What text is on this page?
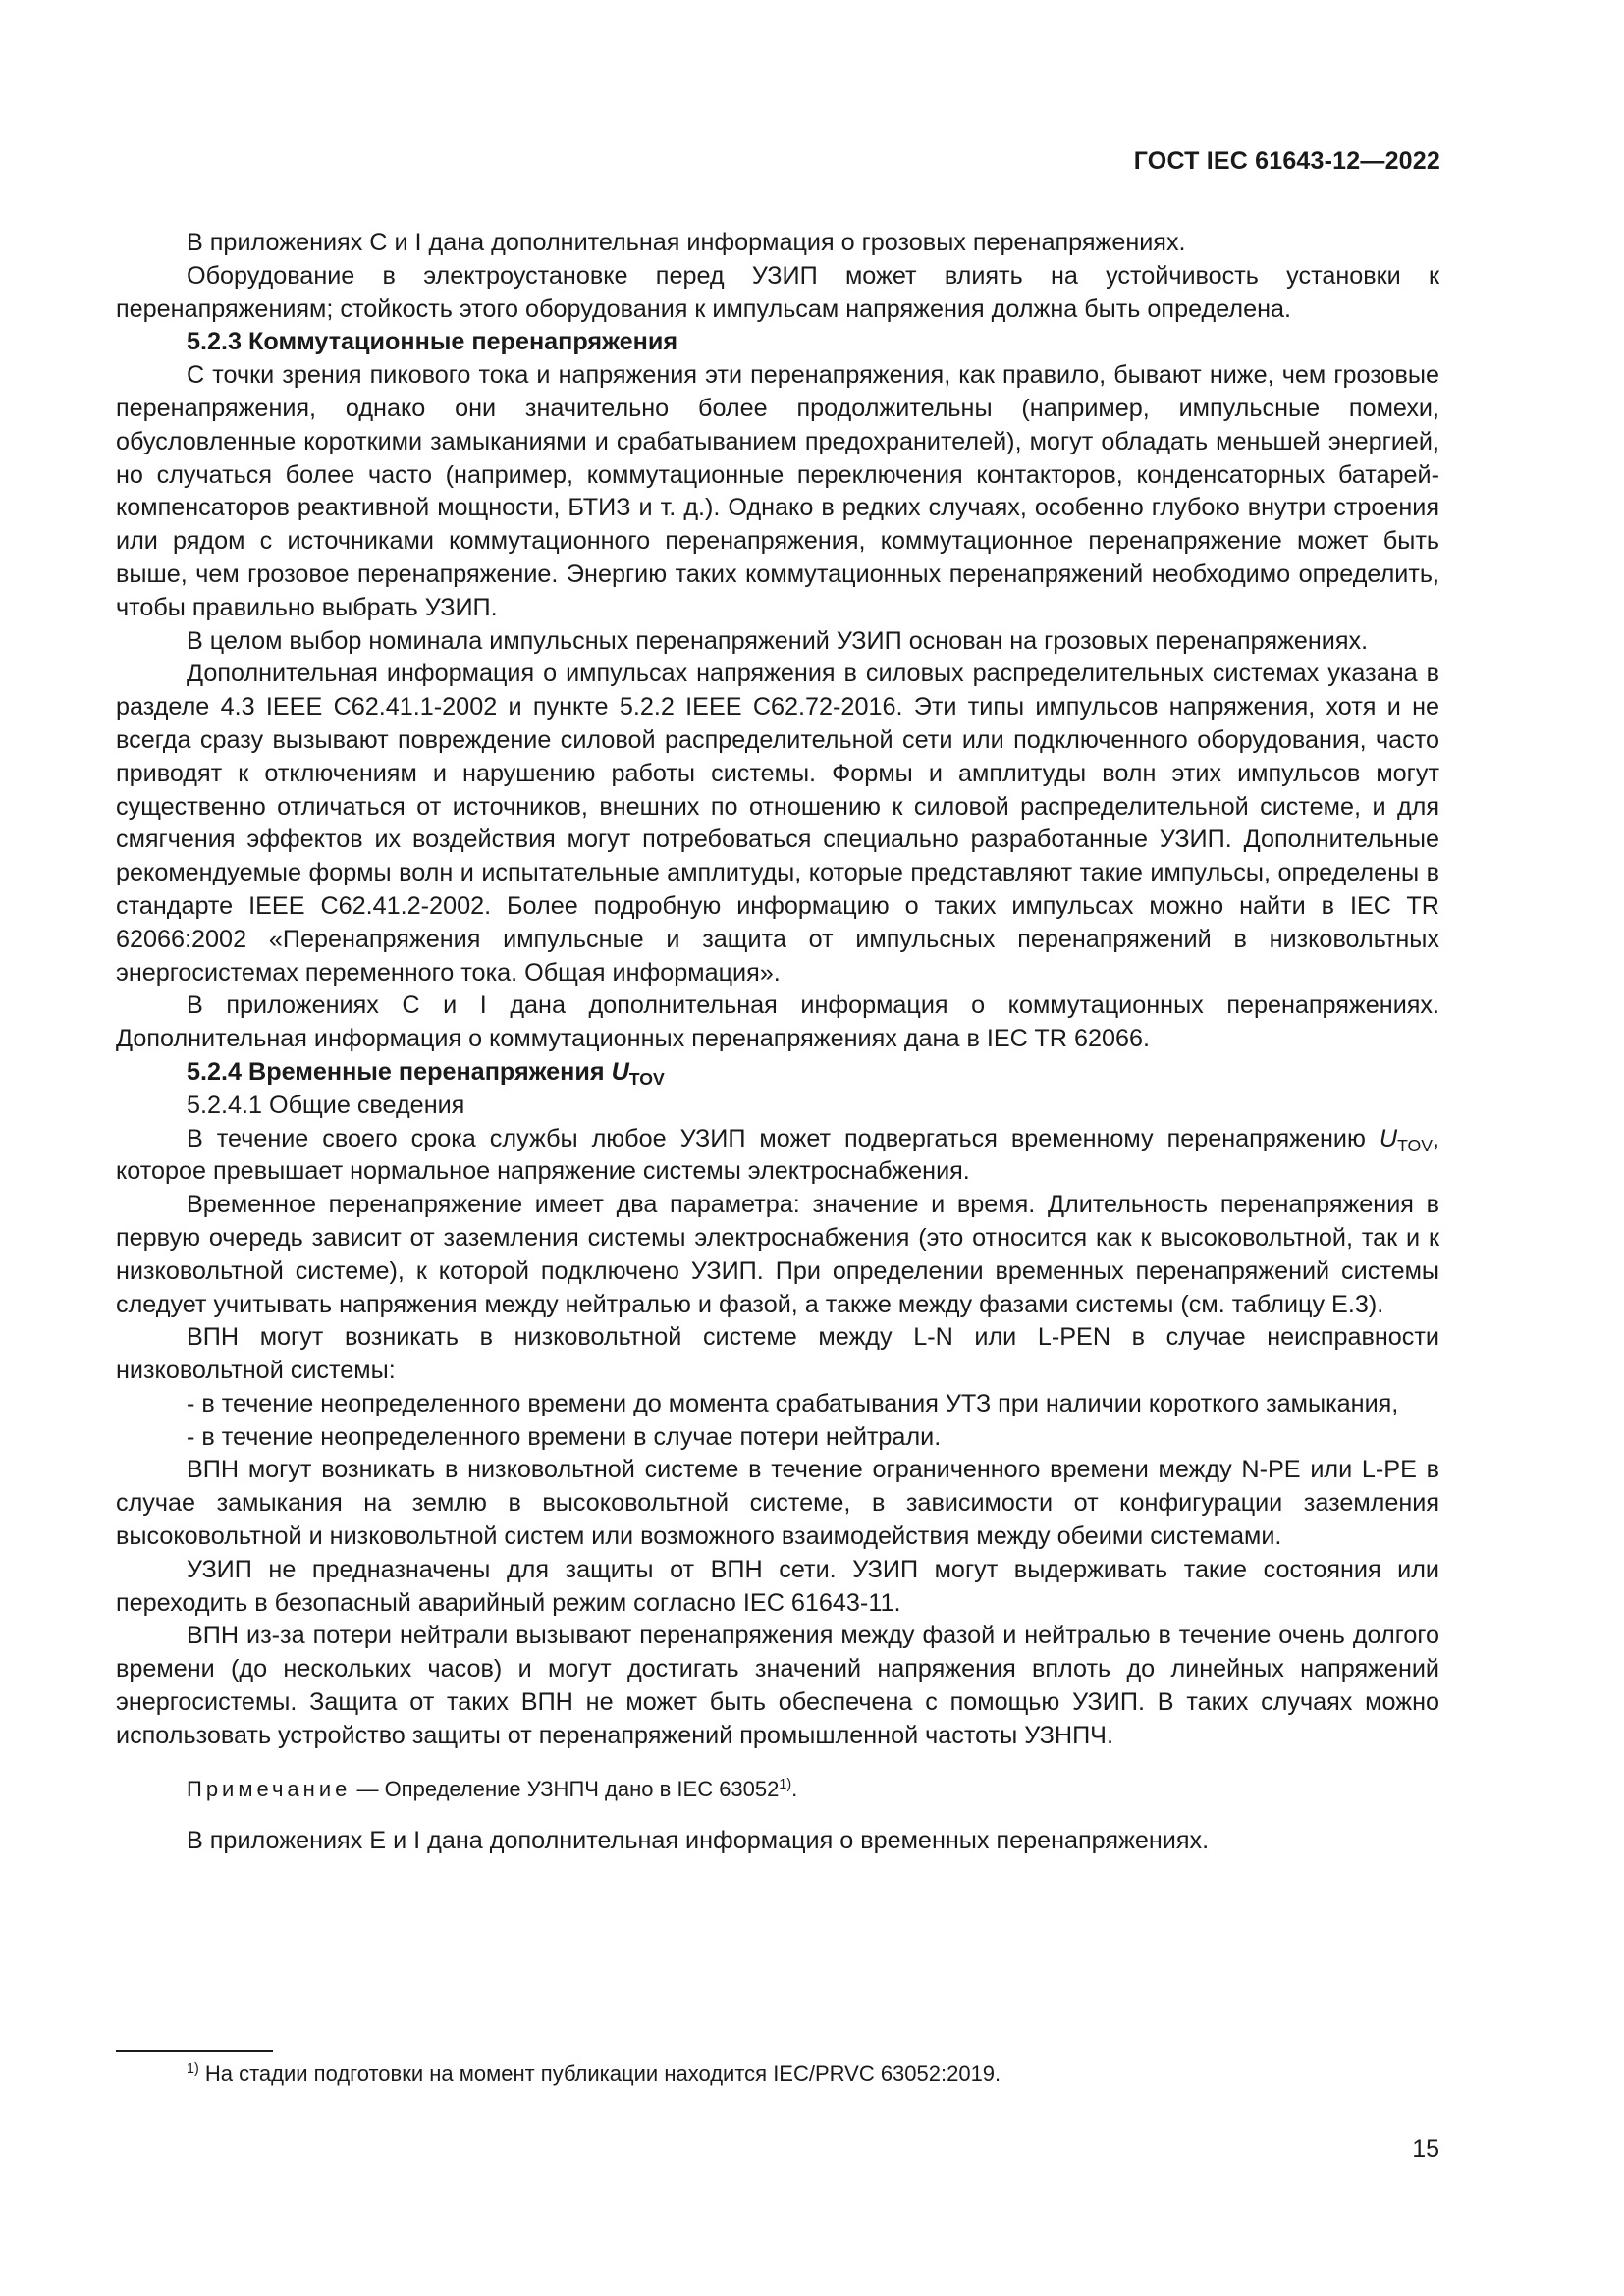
ГОСТ IEC 61643-12—2022

В приложениях С и I дана дополнительная информация о грозовых перенапряжениях.

Оборудование в электроустановке перед УЗИП может влиять на устойчивость установки к перенапряжениям; стойкость этого оборудования к импульсам напряжения должна быть определена.

5.2.3 Коммутационные перенапряжения

С точки зрения пикового тока и напряжения эти перенапряжения, как правило, бывают ниже, чем грозовые перенапряжения, однако они значительно более продолжительны (например, импульсные помехи, обусловленные короткими замыканиями и срабатыванием предохранителей), могут обладать меньшей энергией, но случаться более часто (например, коммутационные переключения контакторов, конденсаторных батарей-компенсаторов реактивной мощности, БТИЗ и т. д.). Однако в редких случаях, особенно глубоко внутри строения или рядом с источниками коммутационного перенапряжения, коммутационное перенапряжение может быть выше, чем грозовое перенапряжение. Энергию таких коммутационных перенапряжений необходимо определить, чтобы правильно выбрать УЗИП.

В целом выбор номинала импульсных перенапряжений УЗИП основан на грозовых перенапряжениях.

Дополнительная информация о импульсах напряжения в силовых распределительных системах указана в разделе 4.3 IEEE C62.41.1-2002 и пункте 5.2.2 IEEE C62.72-2016. Эти типы импульсов напряжения, хотя и не всегда сразу вызывают повреждение силовой распределительной сети или подключенного оборудования, часто приводят к отключениям и нарушению работы системы. Формы и амплитуды волн этих импульсов могут существенно отличаться от источников, внешних по отношению к силовой распределительной системе, и для смягчения эффектов их воздействия могут потребоваться специально разработанные УЗИП. Дополнительные рекомендуемые формы волн и испытательные амплитуды, которые представляют такие импульсы, определены в стандарте IEEE C62.41.2-2002. Более подробную информацию о таких импульсах можно найти в IEC TR 62066:2002 «Перенапряжения импульсные и защита от импульсных перенапряжений в низковольтных энергосистемах переменного тока. Общая информация».

В приложениях С и I дана дополнительная информация о коммутационных перенапряжениях. Дополнительная информация о коммутационных перенапряжениях дана в IEC TR 62066.

5.2.4 Временные перенапряжения $U_{TOV}$

5.2.4.1 Общие сведения

В течение своего срока службы любое УЗИП может подвергаться временному перенапряжению $U_{TOV}$, которое превышает нормальное напряжение системы электроснабжения.

Временное перенапряжение имеет два параметра: значение и время. Длительность перенапряжения в первую очередь зависит от заземления системы электроснабжения (это относится как к высоковольтной, так и к низковольтной системе), к которой подключено УЗИП. При определении временных перенапряжений системы следует учитывать напряжения между нейтралью и фазой, а также между фазами системы (см. таблицу Е.3).

ВПН могут возникать в низковольтной системе между L-N или L-PEN в случае неисправности низковольтной системы:

- в течение неопределенного времени до момента срабатывания УТЗ при наличии короткого замыкания,

- в течение неопределенного времени в случае потери нейтрали.

ВПН могут возникать в низковольтной системе в течение ограниченного времени между N-PE или L-PE в случае замыкания на землю в высоковольтной системе, в зависимости от конфигурации заземления высоковольтной и низковольтной систем или возможного взаимодействия между обеими системами.

УЗИП не предназначены для защиты от ВПН сети. УЗИП могут выдерживать такие состояния или переходить в безопасный аварийный режим согласно IEC 61643-11.

ВПН из-за потери нейтрали вызывают перенапряжения между фазой и нейтралью в течение очень долгого времени (до нескольких часов) и могут достигать значений напряжения вплоть до линейных напряжений энергосистемы. Защита от таких ВПН не может быть обеспечена с помощью УЗИП. В таких случаях можно использовать устройство защиты от перенапряжений промышленной частоты УЗНПЧ.

Примечание — Определение УЗНПЧ дано в IEC 63052$^{1)}$.

В приложениях Е и I дана дополнительная информация о временных перенапряжениях.

$^{1)}$ На стадии подготовки на момент публикации находится IEC/PRVC 63052:2019.
15
